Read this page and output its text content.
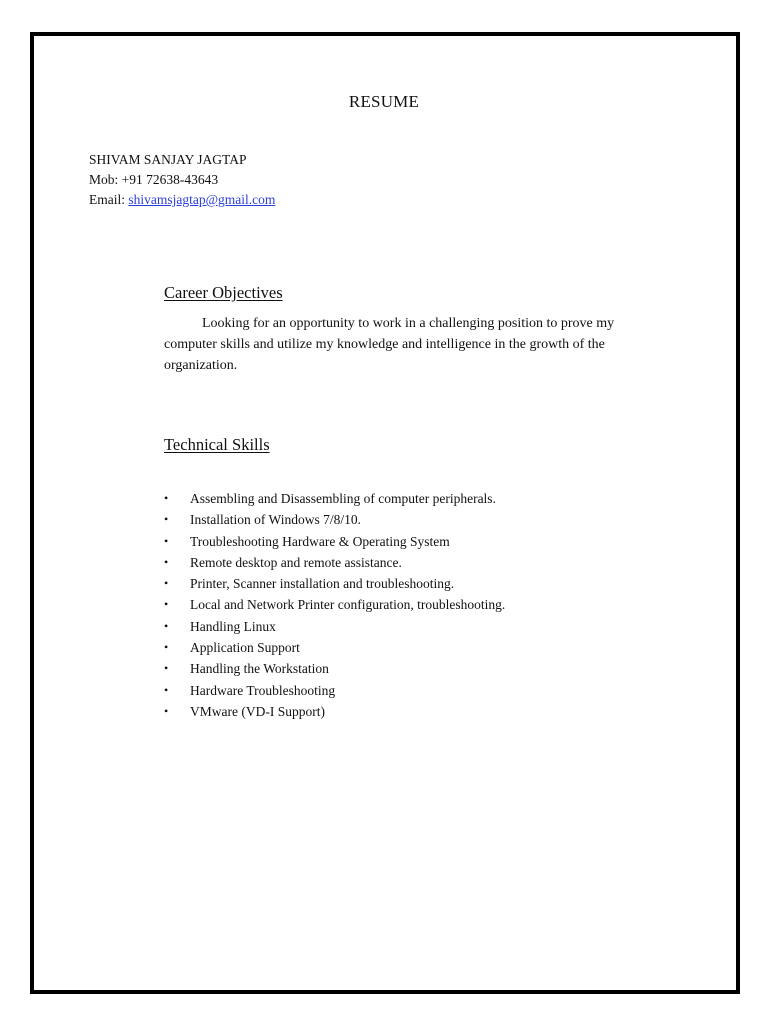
RESUME
SHIVAM SANJAY JAGTAP
Mob: +91 72638-43643
Email: shivamsjagtap@gmail.com
Career Objectives

Looking for an opportunity to work in a challenging position to prove my computer skills and utilize my knowledge and intelligence in the growth of the organization.

Technical Skills
• Assembling and Disassembling of computer peripherals.
• Installation of Windows 7/8/10.
• Troubleshooting Hardware & Operating System
• Remote desktop and remote assistance.
• Printer, Scanner installation and troubleshooting.
• Local and Network Printer configuration, troubleshooting.
• Handling Linux
• Application Support
• Handling the Workstation
• Hardware Troubleshooting
• VMware (VD-I Support)
